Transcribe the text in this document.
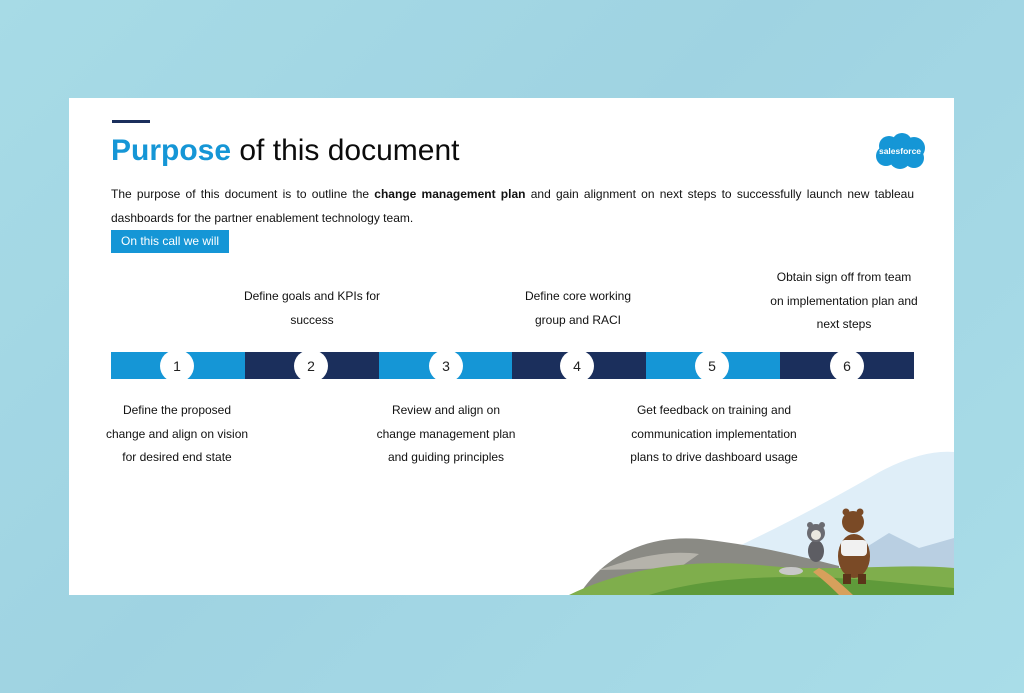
Purpose of this document	salesforce

The purpose of this document is to outline the change management plan and gain alignment on next steps to successfully launch new tableau dashboards for the partner enablement technology team.

On this call we will
1	2	3	4	5	6
Define the proposed change and align on vision for desired end state
Define goals and KPIs for success
Review and align on change management plan and guiding principles
Define core working group and RACI
Get feedback on training and communication implementation plans to drive dashboard usage
Obtain sign off from team on implementation plan and next steps
